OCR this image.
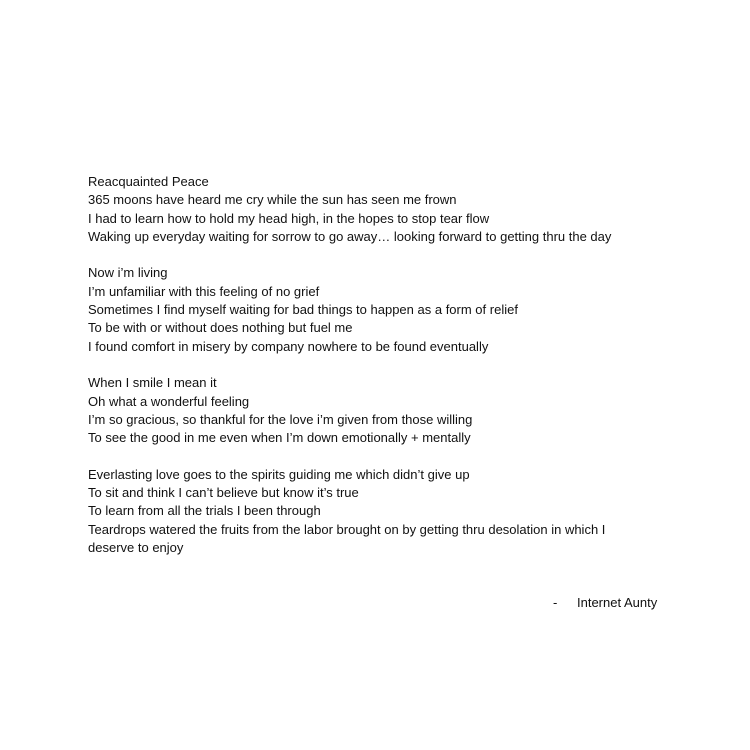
Reacquainted Peace
365 moons have heard me cry while the sun has seen me frown
I had to learn how to hold my head high, in the hopes to stop tear flow
Waking up everyday waiting for sorrow to go away… looking forward to getting thru the day
Now i’m living
I’m unfamiliar with this feeling of no grief
Sometimes I find myself waiting for bad things to happen as a form of relief
To be with or without does nothing but fuel me
I found comfort in misery by company nowhere to be found eventually
When I smile I mean it
Oh what a wonderful feeling
I’m so gracious, so thankful for the love i’m given from those willing
To see the good in me even when I’m down emotionally + mentally
Everlasting love goes to the spirits guiding me which didn’t give up
To sit and think I can’t believe but know it’s true
To learn from all the trials I been through
Teardrops watered the fruits from the labor brought on by getting thru desolation in which I deserve to enjoy
- Internet Aunty
